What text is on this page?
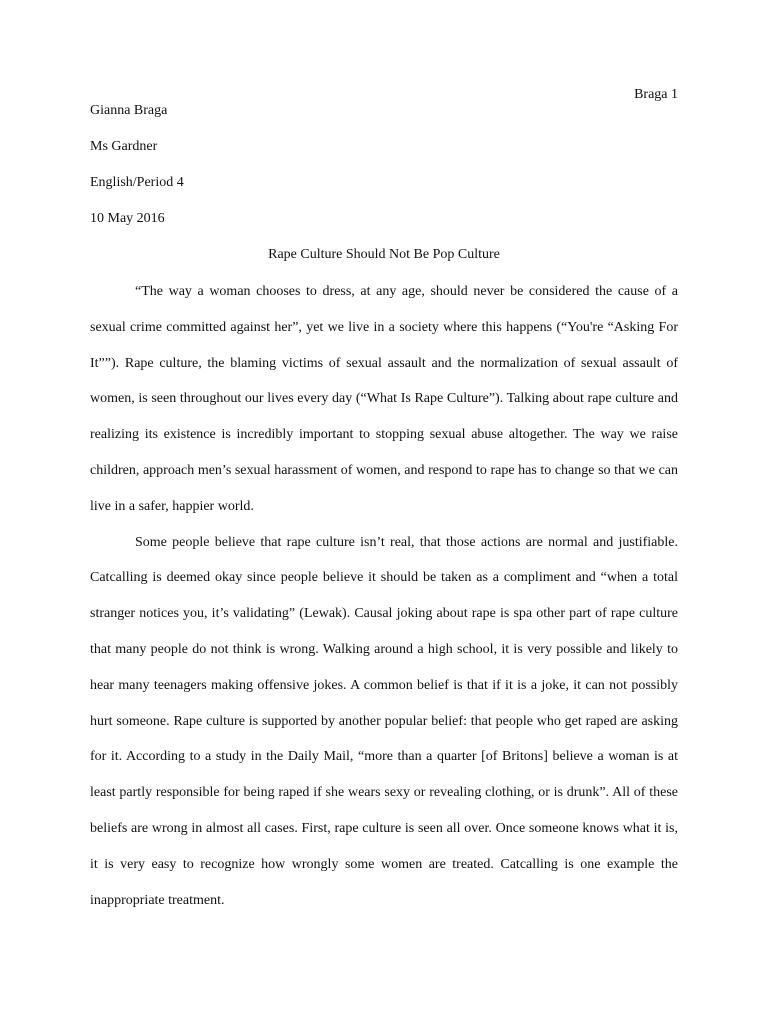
Braga 1
Gianna Braga
Ms Gardner
English/Period 4
10 May 2016
Rape Culture Should Not Be Pop Culture

“The way a woman chooses to dress, at any age, should never be considered the cause of a sexual crime committed against her”, yet we live in a society where this happens (“You're “Asking For It””). Rape culture, the blaming victims of sexual assault and the normalization of sexual assault of women, is seen throughout our lives every day (“What Is Rape Culture”). Talking about rape culture and realizing its existence is incredibly important to stopping sexual abuse altogether. The way we raise children, approach men’s sexual harassment of women, and respond to rape has to change so that we can live in a safer, happier world.

Some people believe that rape culture isn’t real, that those actions are normal and justifiable. Catcalling is deemed okay since people believe it should be taken as a compliment and “when a total stranger notices you, it’s validating” (Lewak). Causal joking about rape is spa other part of rape culture that many people do not think is wrong. Walking around a high school, it is very possible and likely to hear many teenagers making offensive jokes. A common belief is that if it is a joke, it can not possibly hurt someone. Rape culture is supported by another popular belief: that people who get raped are asking for it. According to a study in the Daily Mail, “more than a quarter [of Britons] believe a woman is at least partly responsible for being raped if she wears sexy or revealing clothing, or is drunk”. All of these beliefs are wrong in almost all cases. First, rape culture is seen all over. Once someone knows what it is, it is very easy to recognize how wrongly some women are treated. Catcalling is one example the inappropriate treatment.
